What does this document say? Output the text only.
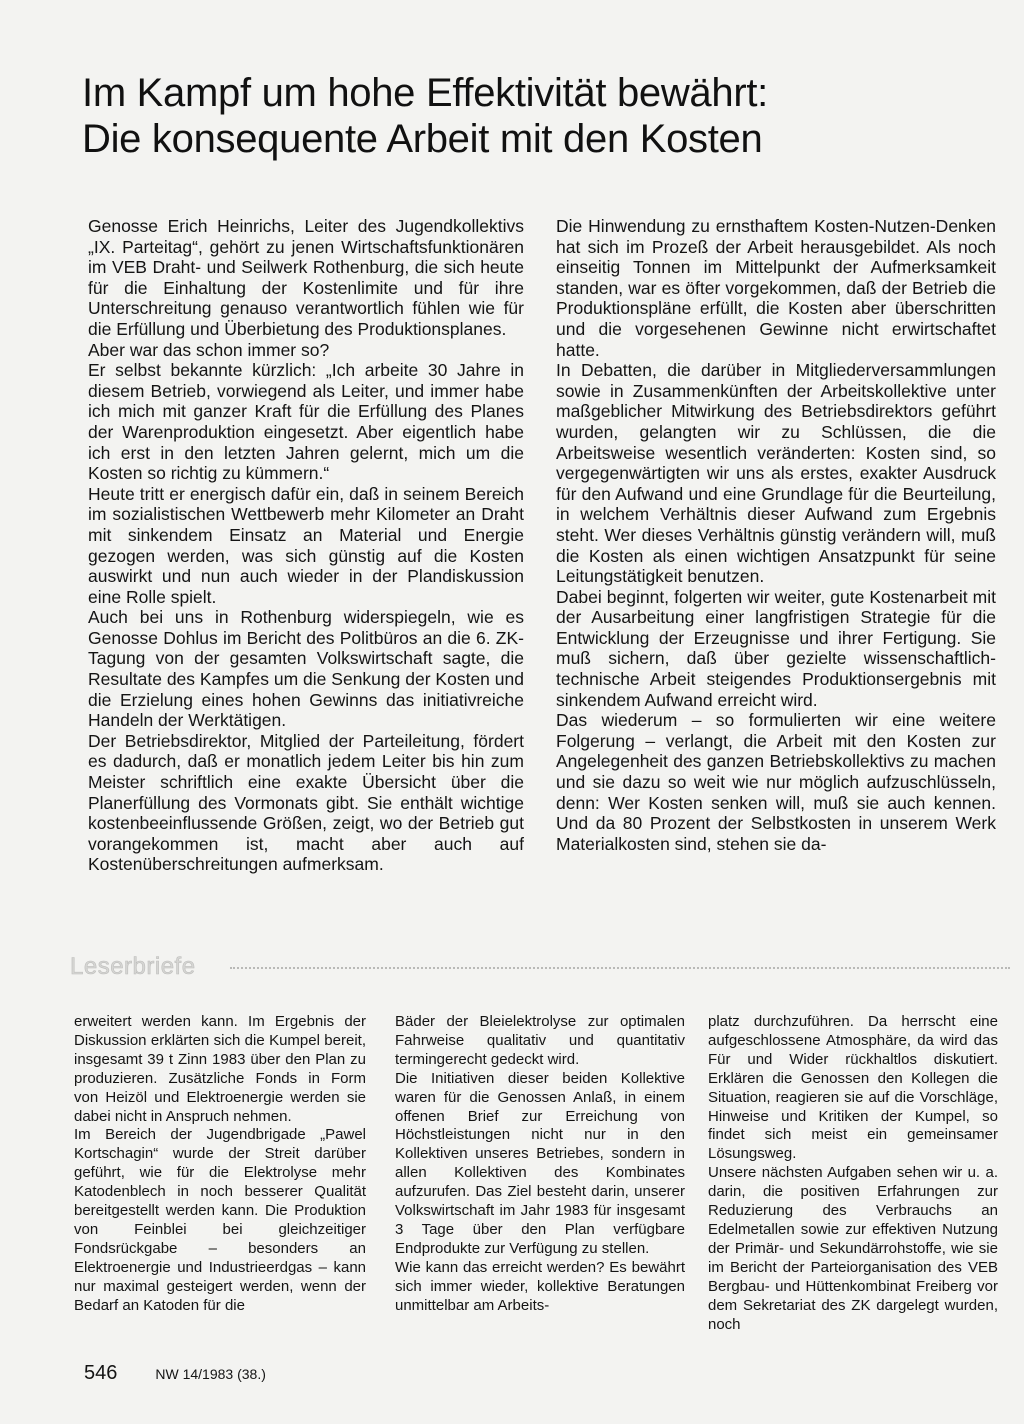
Im Kampf um hohe Effektivität bewährt:
Die konsequente Arbeit mit den Kosten

Genosse Erich Heinrichs, Leiter des Jugendkollektivs „IX. Parteitag“, gehört zu jenen Wirtschaftsfunktionären im VEB Draht- und Seilwerk Rothenburg, die sich heute für die Einhaltung der Kostenlimite und für ihre Unterschreitung genauso verantwortlich fühlen wie für die Erfüllung und Überbietung des Produktionsplanes.

Aber war das schon immer so?

Er selbst bekannte kürzlich: „Ich arbeite 30 Jahre in diesem Betrieb, vorwiegend als Leiter, und immer habe ich mich mit ganzer Kraft für die Erfüllung des Planes der Warenproduktion eingesetzt. Aber eigentlich habe ich erst in den letzten Jahren gelernt, mich um die Kosten so richtig zu kümmern.“

Heute tritt er energisch dafür ein, daß in seinem Bereich im sozialistischen Wettbewerb mehr Kilometer an Draht mit sinkendem Einsatz an Material und Energie gezogen werden, was sich günstig auf die Kosten auswirkt und nun auch wieder in der Plandiskussion eine Rolle spielt.

Auch bei uns in Rothenburg widerspiegeln, wie es Genosse Dohlus im Bericht des Politbüros an die 6. ZK-Tagung von der gesamten Volkswirtschaft sagte, die Resultate des Kampfes um die Senkung der Kosten und die Erzielung eines hohen Gewinns das initiativreiche Handeln der Werktätigen.

Der Betriebsdirektor, Mitglied der Parteileitung, fördert es dadurch, daß er monatlich jedem Leiter bis hin zum Meister schriftlich eine exakte Übersicht über die Planerfüllung des Vormonats gibt. Sie enthält wichtige kostenbeeinflussende Größen, zeigt, wo der Betrieb gut vorangekommen ist, macht aber auch auf Kostenüberschreitungen aufmerksam.

Die Hinwendung zu ernsthaftem Kosten-Nutzen-Denken hat sich im Prozeß der Arbeit herausgebildet. Als noch einseitig Tonnen im Mittelpunkt der Aufmerksamkeit standen, war es öfter vorgekommen, daß der Betrieb die Produktionspläne erfüllt, die Kosten aber überschritten und die vorgesehenen Gewinne nicht erwirtschaftet hatte.

In Debatten, die darüber in Mitgliederversammlungen sowie in Zusammenkünften der Arbeitskollektive unter maßgeblicher Mitwirkung des Betriebsdirektors geführt wurden, gelangten wir zu Schlüssen, die die Arbeitsweise wesentlich veränderten: Kosten sind, so vergegenwärtigten wir uns als erstes, exakter Ausdruck für den Aufwand und eine Grundlage für die Beurteilung, in welchem Verhältnis dieser Aufwand zum Ergebnis steht. Wer dieses Verhältnis günstig verändern will, muß die Kosten als einen wichtigen Ansatzpunkt für seine Leitungstätigkeit benutzen.

Dabei beginnt, folgerten wir weiter, gute Kostenarbeit mit der Ausarbeitung einer langfristigen Strategie für die Entwicklung der Erzeugnisse und ihrer Fertigung. Sie muß sichern, daß über gezielte wissenschaftlich-technische Arbeit steigendes Produktionsergebnis mit sinkendem Aufwand erreicht wird.

Das wiederum – so formulierten wir eine weitere Folgerung – verlangt, die Arbeit mit den Kosten zur Angelegenheit des ganzen Betriebskollektivs zu machen und sie dazu so weit wie nur möglich aufzuschlüsseln, denn: Wer Kosten senken will, muß sie auch kennen. Und da 80 Prozent der Selbstkosten in unserem Werk Materialkosten sind, stehen sie da-

Leserbriefe

erweitert werden kann. Im Ergebnis der Diskussion erklärten sich die Kumpel bereit, insgesamt 39 t Zinn 1983 über den Plan zu produzieren. Zusätzliche Fonds in Form von Heizöl und Elektroenergie werden sie dabei nicht in Anspruch nehmen.

Im Bereich der Jugendbrigade „Pawel Kortschagin“ wurde der Streit darüber geführt, wie für die Elektrolyse mehr Katodenblech in noch besserer Qualität bereitgestellt werden kann. Die Produktion von Feinblei bei gleichzeitiger Fondsrückgabe – besonders an Elektroenergie und Industrieerdgas – kann nur maximal gesteigert werden, wenn der Bedarf an Katoden für die

Bäder der Bleielektrolyse zur optimalen Fahrweise qualitativ und quantitativ termingerecht gedeckt wird.

Die Initiativen dieser beiden Kollektive waren für die Genossen Anlaß, in einem offenen Brief zur Erreichung von Höchstleistungen nicht nur in den Kollektiven unseres Betriebes, sondern in allen Kollektiven des Kombinates aufzurufen. Das Ziel besteht darin, unserer Volkswirtschaft im Jahr 1983 für insgesamt 3 Tage über den Plan verfügbare Endprodukte zur Verfügung zu stellen.

Wie kann das erreicht werden? Es bewährt sich immer wieder, kollektive Beratungen unmittelbar am Arbeits-

platz durchzuführen. Da herrscht eine aufgeschlossene Atmosphäre, da wird das Für und Wider rückhaltlos diskutiert. Erklären die Genossen den Kollegen die Situation, reagieren sie auf die Vorschläge, Hinweise und Kritiken der Kumpel, so findet sich meist ein gemeinsamer Lösungsweg.

Unsere nächsten Aufgaben sehen wir u. a. darin, die positiven Erfahrungen zur Reduzierung des Verbrauchs an Edelmetallen sowie zur effektiven Nutzung der Primär- und Sekundärrohstoffe, wie sie im Bericht der Parteiorganisation des VEB Bergbau- und Hüttenkombinat Freiberg vor dem Sekretariat des ZK dargelegt wurden, noch

546	NW 14/1983 (38.)
